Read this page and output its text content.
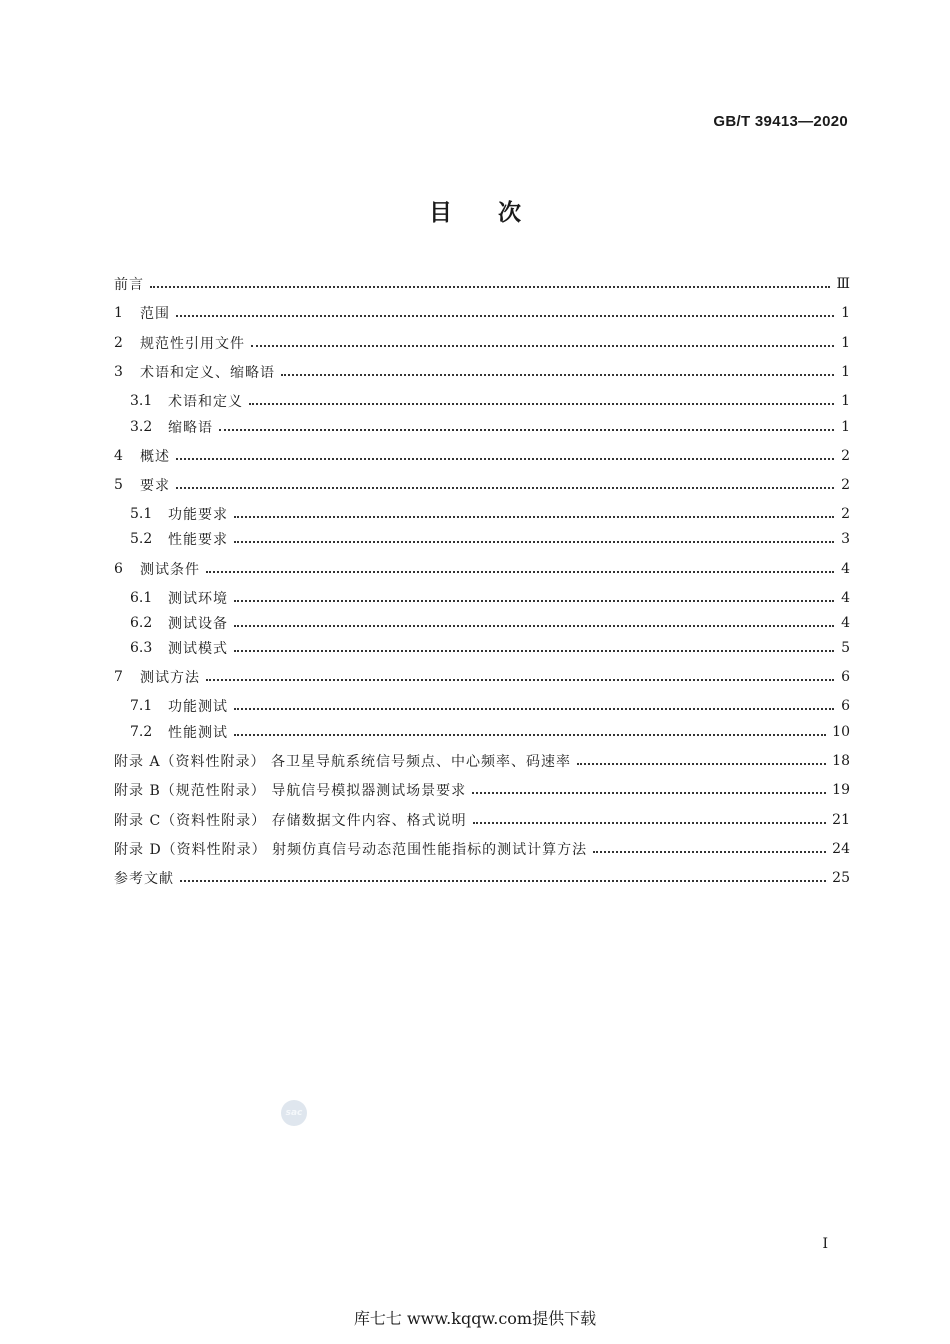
GB/T 39413—2020
目次
前言	Ⅲ
1	范围	1
2	规范性引用文件	1
3	术语和定义、缩略语	1
3.1	术语和定义	1
3.2	缩略语	1
4	概述	2
5	要求	2
5.1	功能要求	2
5.2	性能要求	3
6	测试条件	4
6.1	测试环境	4
6.2	测试设备	4
6.3	测试模式	5
7	测试方法	6
7.1	功能测试	6
7.2	性能测试	10
附录 A（资料性附录） 各卫星导航系统信号频点、中心频率、码速率	18
附录 B（规范性附录） 导航信号模拟器测试场景要求	19
附录 C（资料性附录） 存储数据文件内容、格式说明	21
附录 D（资料性附录） 射频仿真信号动态范围性能指标的测试计算方法	24
参考文献	25
sac
I
库七七 www.kqqw.com提供下载
